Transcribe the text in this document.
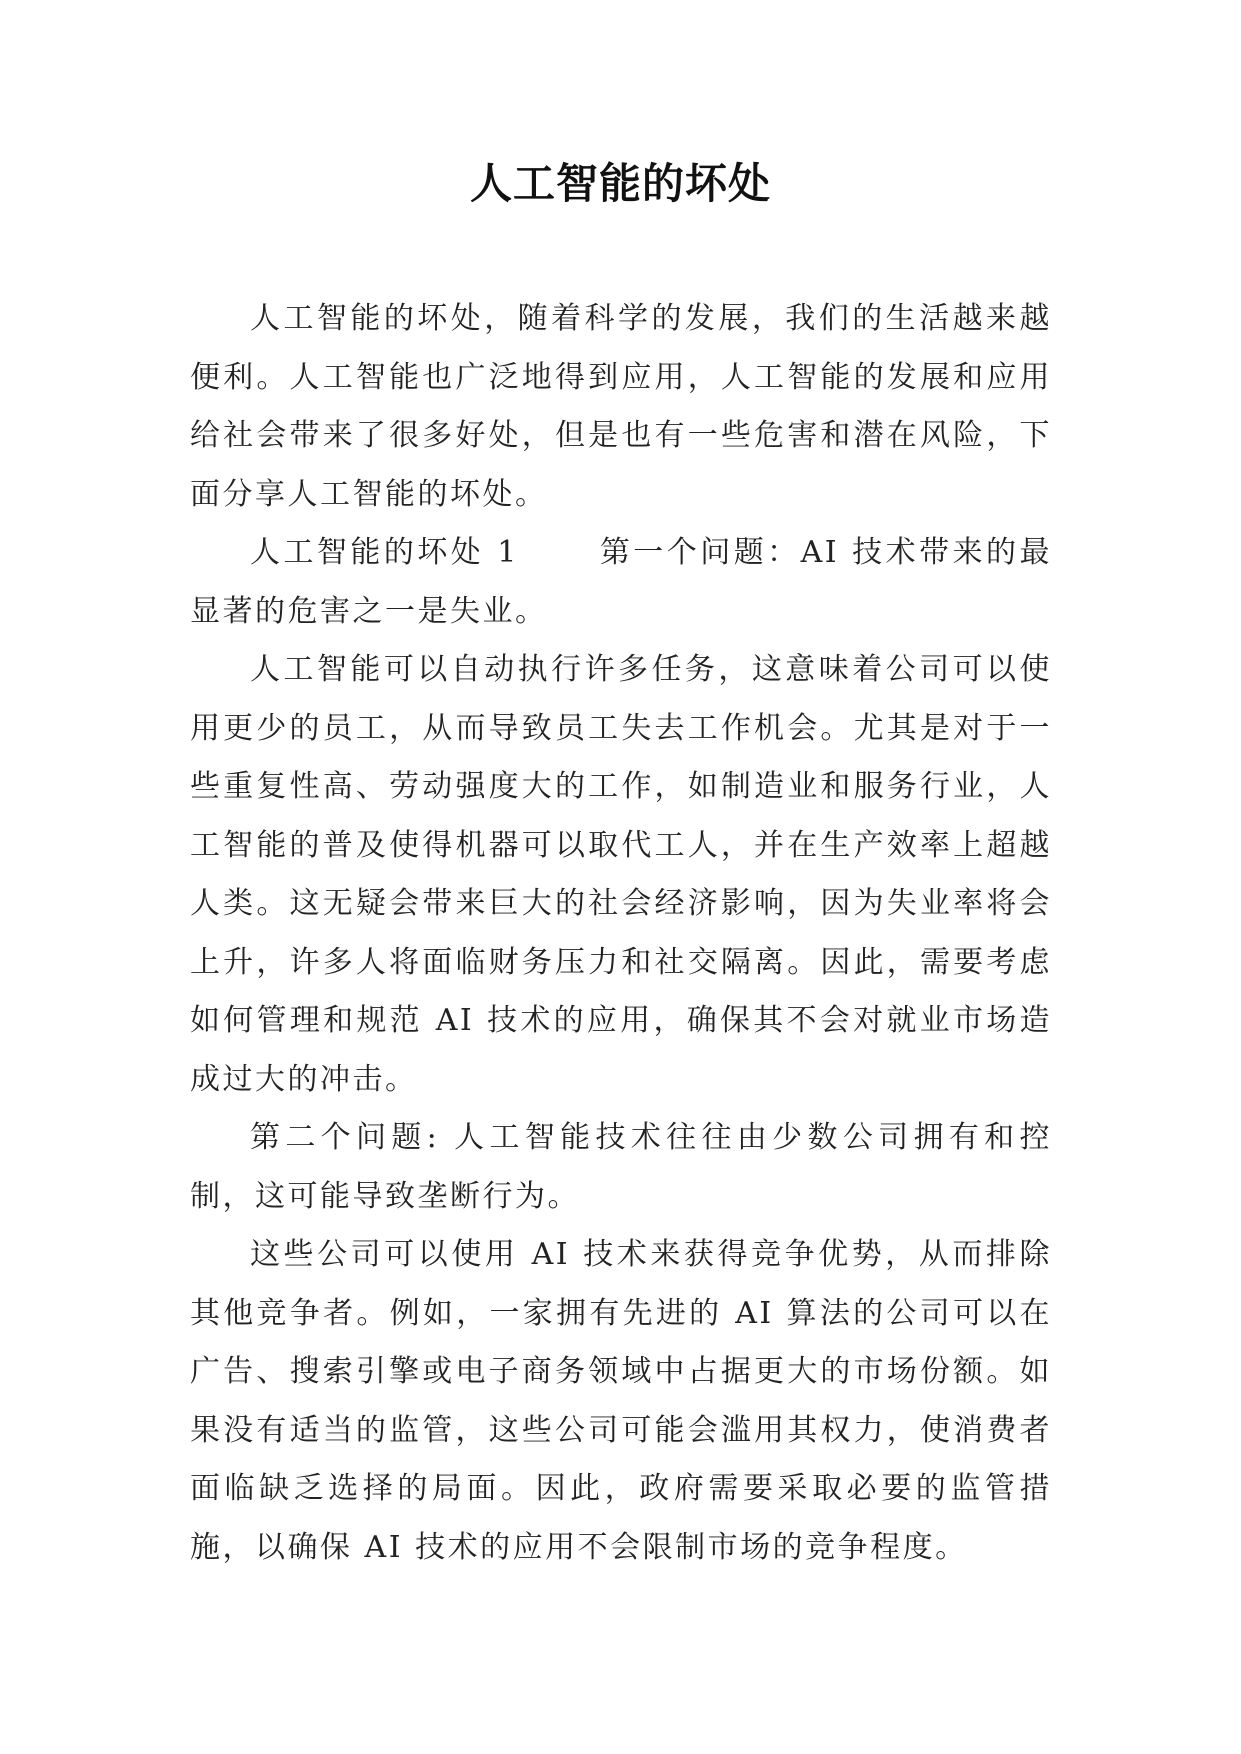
人工智能的坏处

人工智能的坏处，随着科学的发展，我们的生活越来越便利。人工智能也广泛地得到应用，人工智能的发展和应用给社会带来了很多好处，但是也有一些危害和潜在风险，下面分享人工智能的坏处。

人工智能的坏处 1	第一个问题：AI 技术带来的最显著的危害之一是失业。

人工智能可以自动执行许多任务，这意味着公司可以使用更少的员工，从而导致员工失去工作机会。尤其是对于一些重复性高、劳动强度大的工作，如制造业和服务行业，人工智能的普及使得机器可以取代工人，并在生产效率上超越人类。这无疑会带来巨大的社会经济影响，因为失业率将会上升，许多人将面临财务压力和社交隔离。因此，需要考虑如何管理和规范 AI 技术的应用，确保其不会对就业市场造成过大的冲击。

第二个问题: 人工智能技术往往由少数公司拥有和控制，这可能导致垄断行为。

这些公司可以使用 AI 技术来获得竞争优势，从而排除其他竞争者。例如，一家拥有先进的 AI 算法的公司可以在广告、搜索引擎或电子商务领域中占据更大的市场份额。如果没有适当的监管，这些公司可能会滥用其权力，使消费者面临缺乏选择的局面。因此，政府需要采取必要的监管措施，以确保 AI 技术的应用不会限制市场的竞争程度。
